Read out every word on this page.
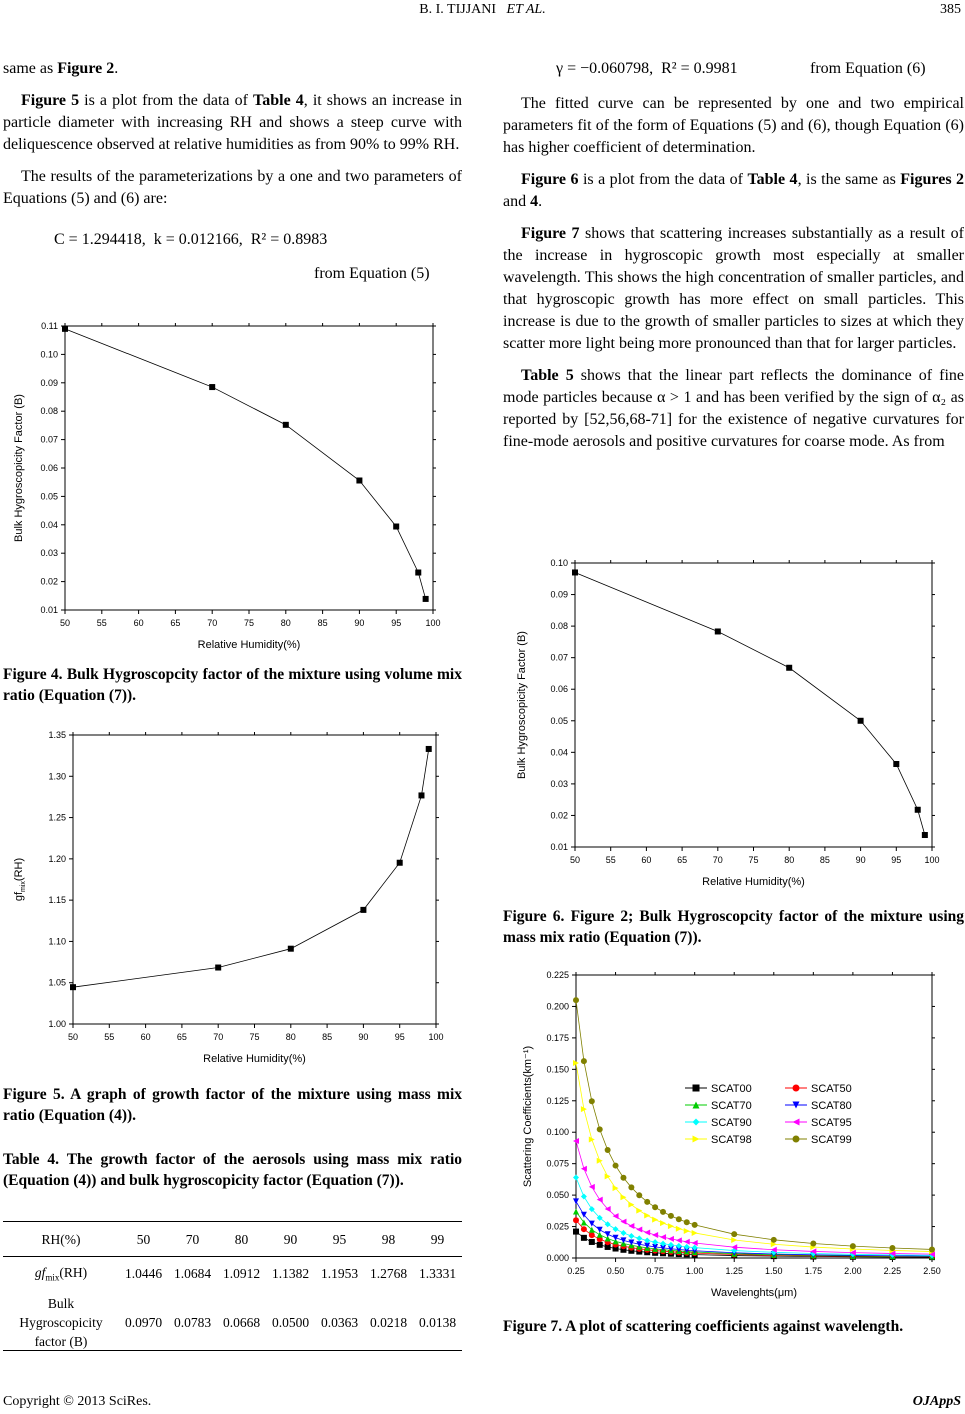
B. I. TIJJANI ET AL.	385

same as Figure 2.

Figure 5 is a plot from the data of Table 4, it shows an increase in particle diameter with increasing RH and shows a steep curve with deliquescence observed at relative humidities as from 90% to 99% RH.

The results of the parameterizations by a one and two parameters of Equations (5) and (6) are:

C = 1.294418,  k = 0.012166,  R² = 0.8983
from Equation (5)
50	55	60	65	70	75	80	85	90	95	100
0.01
0.02
0.03
0.04
0.05
0.06
0.07
0.08
0.09
0.10
0.11
Relative Humidity(%)
Bulk Hygroscopicity Factor (B)
Figure 4. Bulk Hygroscopcity factor of the mixture using volume mix ratio (Equation (7)).
50	55	60	65	70	75	80	85	90	95	100
1.00
1.05
1.10
1.15
1.20
1.25
1.30
1.35
Relative Humidity(%)
$gf_{mix}(RH)$
Figure 5. A graph of growth factor of the mixture using mass mix ratio (Equation (4)).
Table 4. The growth factor of the aerosols using mass mix ratio (Equation (4)) and bulk hygroscopicity factor (Equation (7)).
RH(%)	50	70	80	90	95	98	99
$gf_{mix}(RH)$	1.0446	1.0684	1.0912	1.1382	1.1953	1.2768	1.3331
Bulk
Hygroscopicity
factor (B)	0.0970	0.0783	0.0668	0.0500	0.0363	0.0218	0.0138
γ = −0.060798,  R² = 0.9981	from Equation (6)

The fitted curve can be represented by one and two empirical parameters fit of the form of Equations (5) and (6), though Equation (6) has higher coefficient of determination.

Figure 6 is a plot from the data of Table 4, is the same as Figures 2 and 4.

Figure 7 shows that scattering increases substantially as a result of the increase in hygroscopic growth most especially at smaller wavelength. This shows the high concentration of smaller particles, and that hygroscopic growth has more effect on small particles. This increase is due to the growth of smaller particles to sizes at which they scatter more light being more pronounced than that for larger particles.

Table 5 shows that the linear part reflects the dominance of fine mode particles because α > 1 and has been verified by the sign of α₂ as reported by [52,56,68-71] for the existence of negative curvatures for fine-mode aerosols and positive curvatures for coarse mode. As from

50	55	60	65	70	75	80	85	90	95	100
0.01
0.02
0.03
0.04
0.05
0.06
0.07
0.08
0.09
0.10
Relative Humidity(%)
Bulk Hygroscopicity Factor (B)
Figure 6. Figure 2; Bulk Hygroscopcity factor of the mixture using mass mix ratio (Equation (7)).
0.25 0.50 0.75 1.00 1.25 1.50 1.75 2.00 2.25 2.50
0.000
0.025
0.050
0.075
0.100
0.125
0.150
0.175
0.200
0.225
Wavelenghts(μm)
Scattering Coefficients(km⁻¹)	SCAT00	SCAT50
SCAT70	SCAT80
SCAT90	SCAT95
SCAT98	SCAT99
Figure 7. A plot of scattering coefficients against wavelength.
Copyright © 2013 SciRes.	OJAppS
